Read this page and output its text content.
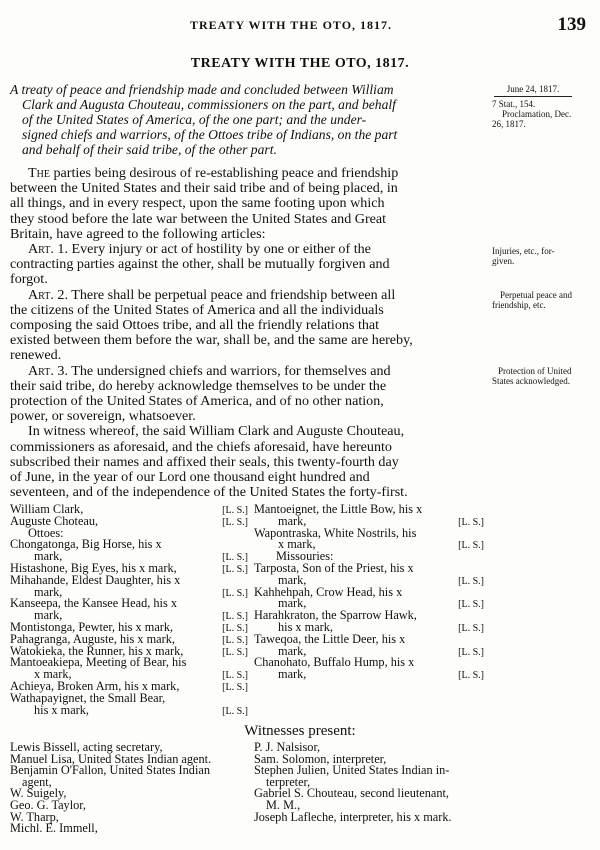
TREATY WITH THE OTO, 1817.	139
TREATY WITH THE OTO, 1817.
A treaty of peace and friendship made and concluded between William
Clark and Augusta Chouteau, commissioners on the part, and behalf
of the United States of America, of the one part; and the under-
signed chiefs and warriors, of the Ottoes tribe of Indians, on the part
and behalf of their said tribe, of the other part.
June 24, 1817.
7 Stat., 154.
Proclamation, Dec.
26, 1817.
Injuries, etc., for-
given.
Perpetual peace and
friendship, etc.
Protection of United
States acknowledged.
The parties being desirous of re-establishing peace and friendship
between the United States and their said tribe and of being placed, in
all things, and in every respect, upon the same footing upon which
they stood before the late war between the United States and Great
Britain, have agreed to the following articles:
Art. 1. Every injury or act of hostility by one or either of the
contracting parties against the other, shall be mutually forgiven and
forgot.
Art. 2. There shall be perpetual peace and friendship between all
the citizens of the United States of America and all the individuals
composing the said Ottoes tribe, and all the friendly relations that
existed between them before the war, shall be, and the same are hereby,
renewed.
Art. 3. The undersigned chiefs and warriors, for themselves and
their said tribe, do hereby acknowledge themselves to be under the
protection of the United States of America, and of no other nation,
power, or sovereign, whatsoever.
In witness whereof, the said William Clark and Auguste Chouteau,
commissioners as aforesaid, and the chiefs aforesaid, have hereunto
subscribed their names and affixed their seals, this twenty-fourth day
of June, in the year of our Lord one thousand eight hundred and
seventeen, and of the independence of the United States the forty-first.
William Clark,	[L. S.]
Auguste Choteau,	[L. S.]
Ottoes:
Chongatonga, Big Horse, his x
mark,	[L. S.]
Histashone, Big Eyes, his x mark,	[L. S.]
Mihahande, Eldest Daughter, his x
mark,	[L. S.]
Kanseepa, the Kansee Head, his x
mark,	[L. S.]
Montistonga, Pewter, his x mark,	[L. S.]
Pahagranga, Auguste, his x mark,	[L. S.]
Watokieka, the Runner, his x mark,	[L. S.]
Mantoeakiepa, Meeting of Bear, his
x mark,	[L. S.]
Achieya, Broken Arm, his x mark,	[L. S.]
Wathapayignet, the Small Bear,
his x mark,	[L. S.]
Mantoeignet, the Little Bow, his x
mark,	[L. S.]
Wapontraska, White Nostrils, his
x mark,	[L. S.]
Missouries:
Tarposta, Son of the Priest, his x
mark,	[L. S.]
Kahhehpah, Crow Head, his x
mark,	[L. S.]
Harahkraton, the Sparrow Hawk,
his x mark,	[L. S.]
Taweqoa, the Little Deer, his x
mark,	[L. S.]
Chanohato, Buffalo Hump, his x
mark,	[L. S.]
Witnesses present:
Lewis Bissell, acting secretary,
Manuel Lisa, United States Indian agent.
Benjamin O'Fallon, United States Indian
agent,
W. Suigely,
Geo. G. Taylor,
W. Tharp,
Michl. E. Immell,
P. J. Nalsisor,
Sam. Solomon, interpreter,
Stephen Julien, United States Indian in-
terpreter,
Gabriel S. Chouteau, second lieutenant,
M. M.,
Joseph Lafleche, interpreter, his x mark.
